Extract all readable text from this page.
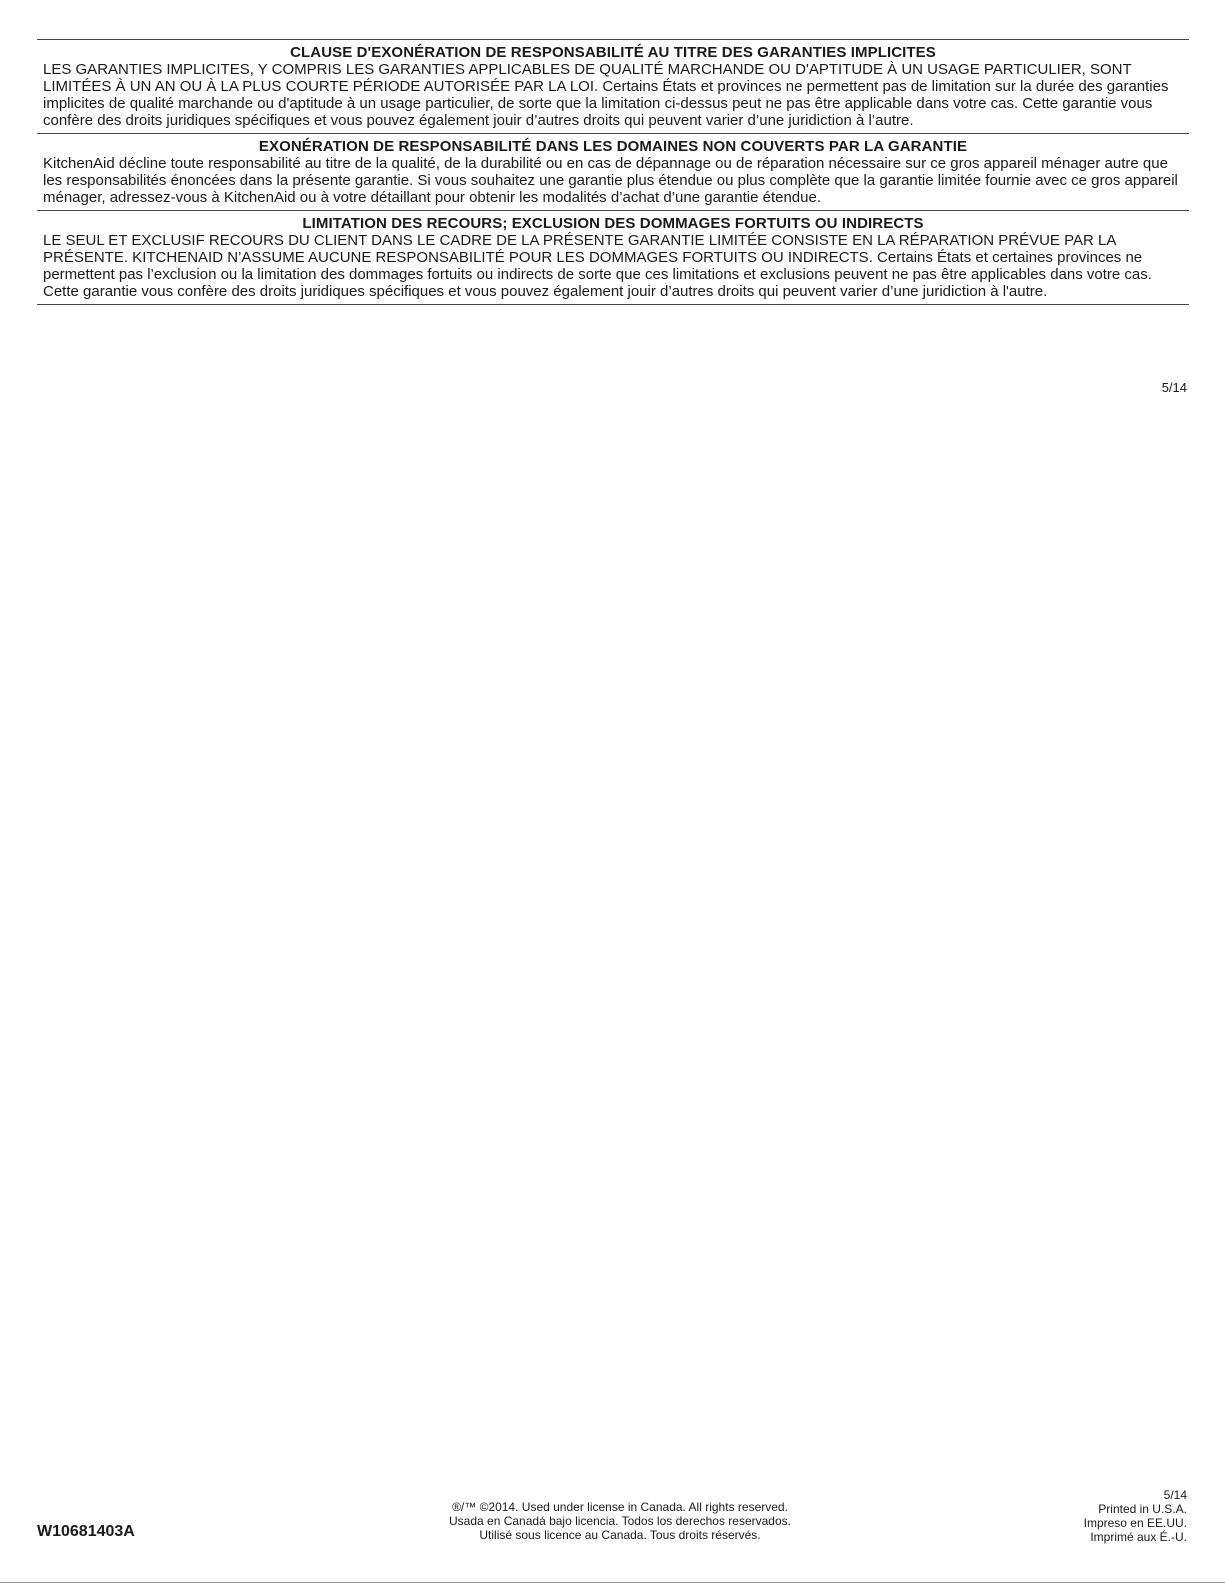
CLAUSE D'EXONÉRATION DE RESPONSABILITÉ AU TITRE DES GARANTIES IMPLICITES

LES GARANTIES IMPLICITES, Y COMPRIS LES GARANTIES APPLICABLES DE QUALITÉ MARCHANDE OU D'APTITUDE À UN USAGE PARTICULIER, SONT LIMITÉES À UN AN OU À LA PLUS COURTE PÉRIODE AUTORISÉE PAR LA LOI. Certains États et provinces ne permettent pas de limitation sur la durée des garanties implicites de qualité marchande ou d'aptitude à un usage particulier, de sorte que la limitation ci-dessus peut ne pas être applicable dans votre cas. Cette garantie vous confère des droits juridiques spécifiques et vous pouvez également jouir d’autres droits qui peuvent varier d’une juridiction à l’autre.

EXONÉRATION DE RESPONSABILITÉ DANS LES DOMAINES NON COUVERTS PAR LA GARANTIE

KitchenAid décline toute responsabilité au titre de la qualité, de la durabilité ou en cas de dépannage ou de réparation nécessaire sur ce gros appareil ménager autre que les responsabilités énoncées dans la présente garantie. Si vous souhaitez une garantie plus étendue ou plus complète que la garantie limitée fournie avec ce gros appareil ménager, adressez-vous à KitchenAid ou à votre détaillant pour obtenir les modalités d’achat d’une garantie étendue.

LIMITATION DES RECOURS; EXCLUSION DES DOMMAGES FORTUITS OU INDIRECTS

LE SEUL ET EXCLUSIF RECOURS DU CLIENT DANS LE CADRE DE LA PRÉSENTE GARANTIE LIMITÉE CONSISTE EN LA RÉPARATION PRÉVUE PAR LA PRÉSENTE. KITCHENAID N’ASSUME AUCUNE RESPONSABILITÉ POUR LES DOMMAGES FORTUITS OU INDIRECTS. Certains États et certaines provinces ne permettent pas l’exclusion ou la limitation des dommages fortuits ou indirects de sorte que ces limitations et exclusions peuvent ne pas être applicables dans votre cas. Cette garantie vous confère des droits juridiques spécifiques et vous pouvez également jouir d’autres droits qui peuvent varier d’une juridiction à l'autre.

5/14
W10681403A
®/™ ©2014. Used under license in Canada. All rights reserved.
Usada en Canadá bajo licencia. Todos los derechos reservados.
Utilisé sous licence au Canada. Tous droits réservés.
5/14
Printed in U.S.A.
Impreso en EE.UU.
Imprimé aux É.-U.
